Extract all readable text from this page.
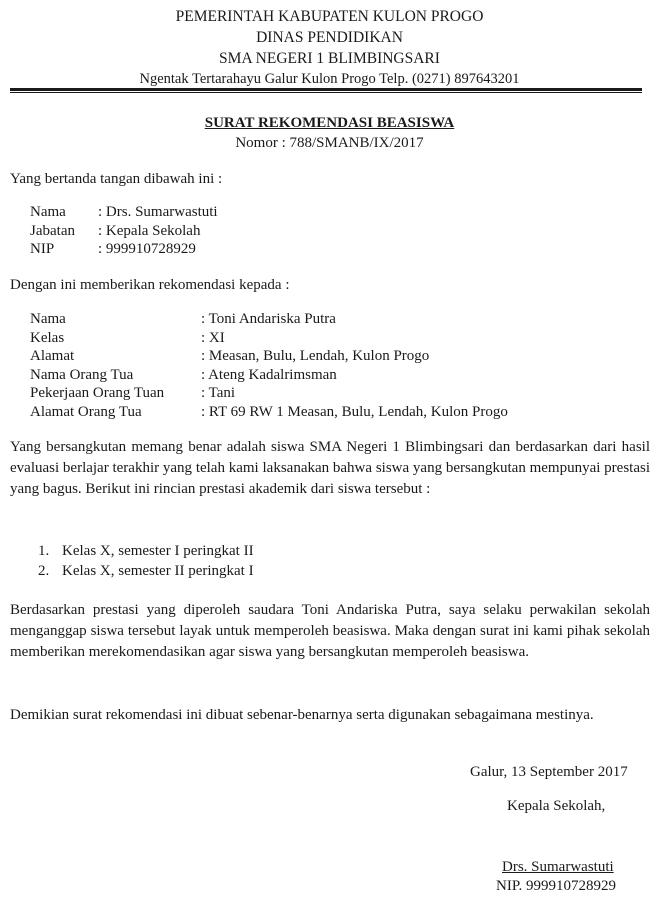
PEMERINTAH KABUPATEN KULON PROGO
DINAS PENDIDIKAN
SMA NEGERI 1 BLIMBINGSARI
Ngentak Tertarahayu Galur Kulon Progo Telp. (0271) 897643201
SURAT REKOMENDASI BEASISWA
Nomor : 788/SMANB/IX/2017
Yang bertanda tangan dibawah ini :
Nama	: Drs. Sumarwastuti
Jabatan	: Kepala Sekolah
NIP	: 999910728929
Dengan ini memberikan rekomendasi kepada :
Nama	: Toni Andariska Putra
Kelas	: XI
Alamat	: Measan, Bulu, Lendah, Kulon Progo
Nama Orang Tua	: Ateng Kadalrimsman
Pekerjaan Orang Tuan	: Tani
Alamat Orang Tua	: RT 69 RW 1 Measan, Bulu, Lendah, Kulon Progo
Yang bersangkutan memang benar adalah siswa SMA Negeri 1 Blimbingsari dan berdasarkan dari hasil evaluasi berlajar terakhir yang telah kami laksanakan bahwa siswa yang bersangkutan mempunyai prestasi yang bagus. Berikut ini rincian prestasi akademik dari siswa tersebut :
1. Kelas X, semester I peringkat II
2. Kelas X, semester II peringkat I
Berdasarkan prestasi yang diperoleh saudara Toni Andariska Putra, saya selaku perwakilan sekolah menganggap siswa tersebut layak untuk memperoleh beasiswa. Maka dengan surat ini kami pihak sekolah memberikan merekomendasikan agar siswa yang bersangkutan memperoleh beasiswa.
Demikian surat rekomendasi ini dibuat sebenar-benarnya serta digunakan sebagaimana mestinya.
Galur, 13 September 2017
Kepala Sekolah,
Drs. Sumarwastuti
NIP. 999910728929
